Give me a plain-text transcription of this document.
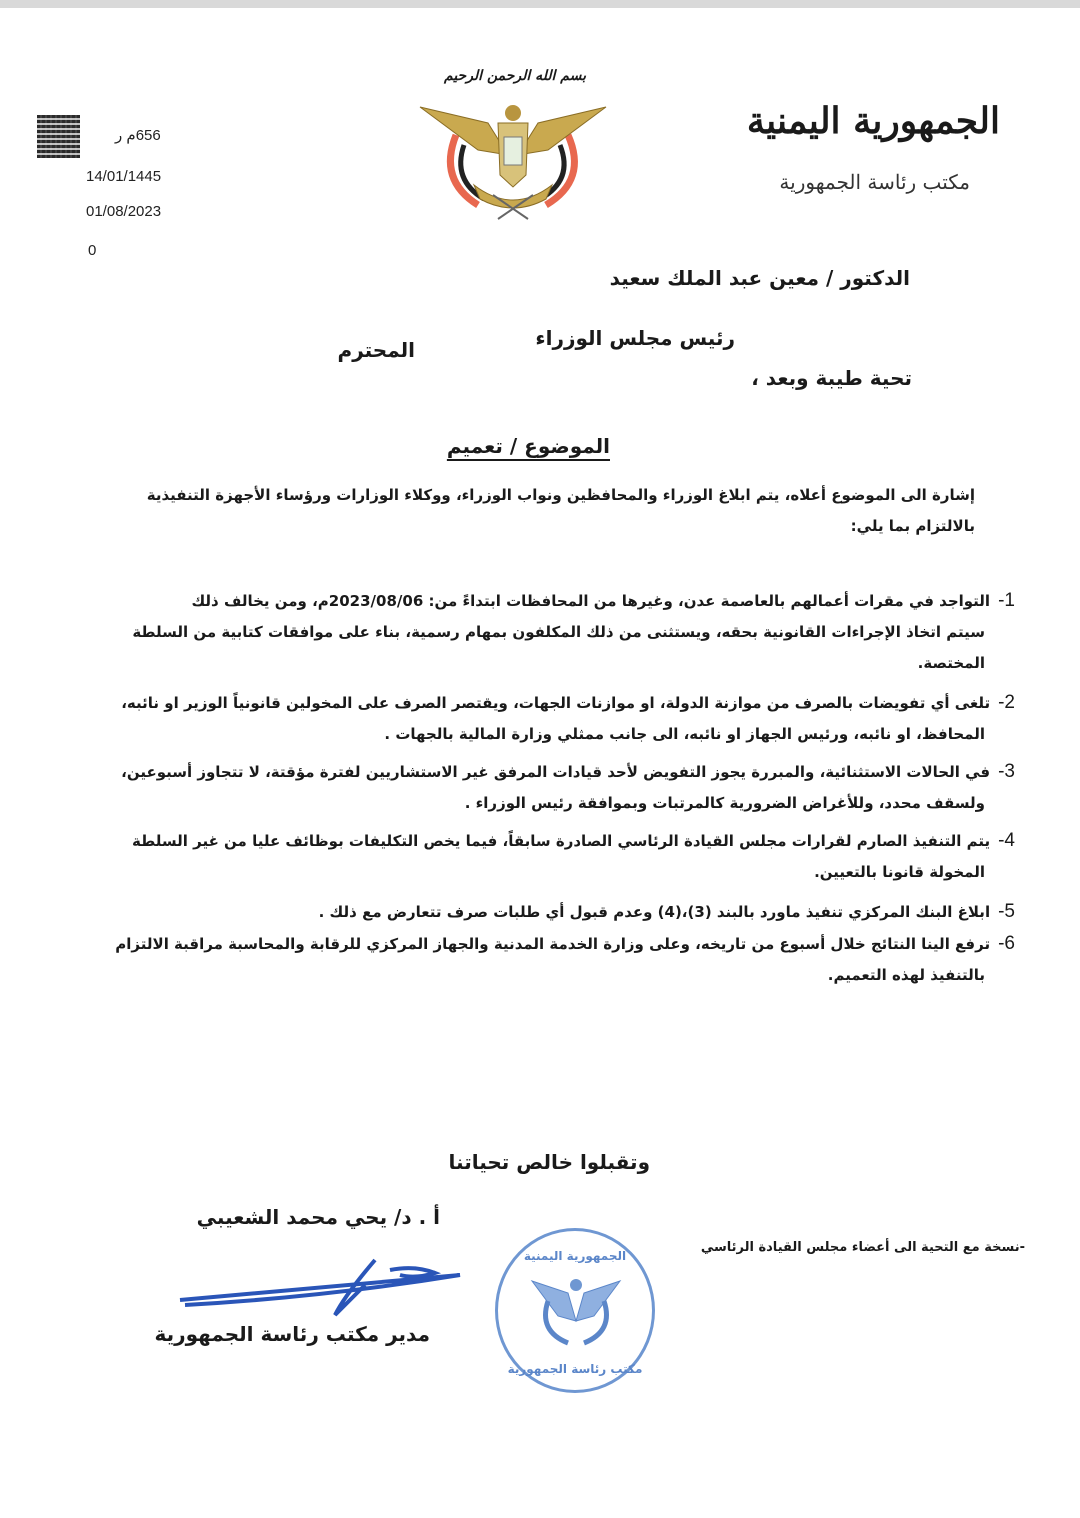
656م ر
14/01/1445
01/08/2023
0
بسم الله الرحمن الرحيم
الجمهورية اليمنية
مكتب رئاسة الجمهورية
الدكتور / معين عبد الملك سعيد
رئيس مجلس الوزراء
المحترم
تحية طيبة وبعد ،
الموضوع / تعميم
إشارة الى الموضوع أعلاه، يتم ابلاغ الوزراء والمحافظين ونواب الوزراء، ووكلاء الوزارات ورؤساء الأجهزة التنفيذية
بالالتزام بما يلي:
1-التواجد في مقرات أعمالهم بالعاصمة عدن، وغيرها من المحافظات ابتداءً من: 2023/08/06م، ومن يخالف ذلك
سيتم اتخاذ الإجراءات القانونية بحقه، ويستثنى من ذلك المكلفون بمهام رسمية، بناء على موافقات كتابية من السلطة
المختصة.
2-تلغى أي تفويضات بالصرف من موازنة الدولة، او موازنات الجهات، ويقتصر الصرف على المخولين قانونياً الوزير او نائبه،
المحافظ، او نائبه، ورئيس الجهاز او نائبه، الى جانب ممثلي وزارة المالية بالجهات .
3-في الحالات الاستثنائية، والمبررة يجوز التفويض لأحد قيادات المرفق غير الاستشاريين لفترة مؤقتة، لا تتجاوز أسبوعين،
ولسقف محدد، وللأغراض الضرورية كالمرتبات وبموافقة رئيس الوزراء .
4-يتم التنفيذ الصارم لقرارات مجلس القيادة الرئاسي الصادرة سابقاً، فيما يخص التكليفات بوظائف عليا من غير السلطة
المخولة قانونا بالتعيين.
5-ابلاغ البنك المركزي تنفيذ ماورد بالبند (3)،(4) وعدم قبول أي طلبات صرف تتعارض مع ذلك .
6-ترفع الينا النتائج خلال أسبوع من تاريخه، وعلى وزارة الخدمة المدنية والجهاز المركزي للرقابة والمحاسبة مراقبة الالتزام
بالتنفيذ لهذه التعميم.
وتقبلوا خالص تحياتنا
أ . د/ يحي محمد الشعيبي
مدير مكتب رئاسة الجمهورية
الجمهورية اليمنية
مكتب رئاسة الجمهورية
-نسخة مع التحية الى أعضاء مجلس القيادة الرئاسي
